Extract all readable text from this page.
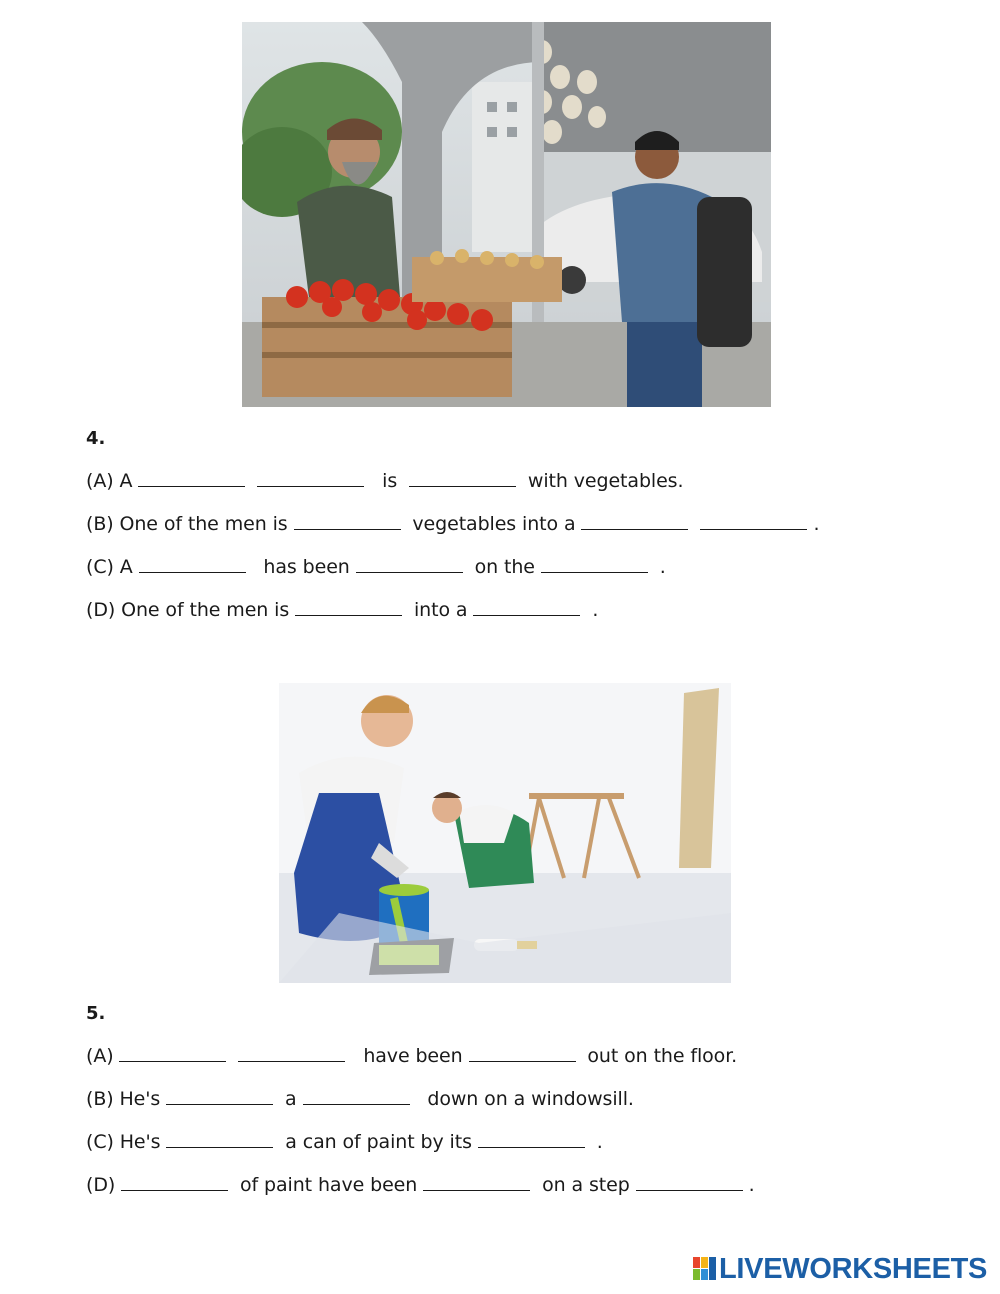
4.
(A) A	is	with vegetables.
(B) One of the men is	vegetables into a	.
(C) A	has been	on the	.
(D) One of the men is	into a	.
5.
(A)	have been	out on the floor.
(B) He's	a	down on a windowsill.
(C) He's	a can of paint by its	.
(D)	of paint have been	on a step	.
LIVEWORKSHEETS
